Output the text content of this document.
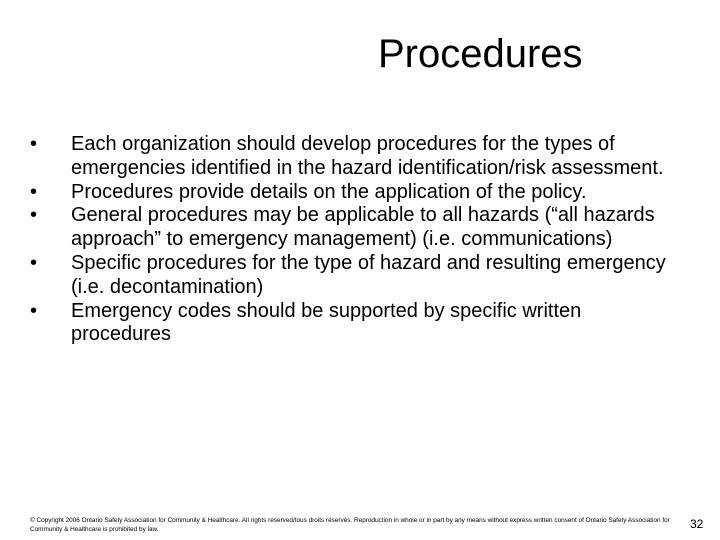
Procedures
• Each organization should develop procedures for the types of emergencies identified in the hazard identification/risk assessment.
• Procedures provide details on the application of the policy.
• General procedures may be applicable to all hazards (“all hazards approach” to emergency management) (i.e. communications)
• Specific procedures for the type of hazard and resulting emergency (i.e. decontamination)
• Emergency codes should be supported by specific written procedures
© Copyright 2006 Ontario Safety Association for Community & Healthcare. All rights reserved/tous droits réservés. Reproduction in whole or in part by any means without express written consent of Ontario Safety Association for Community & Healthcare is prohibited by law.	32
